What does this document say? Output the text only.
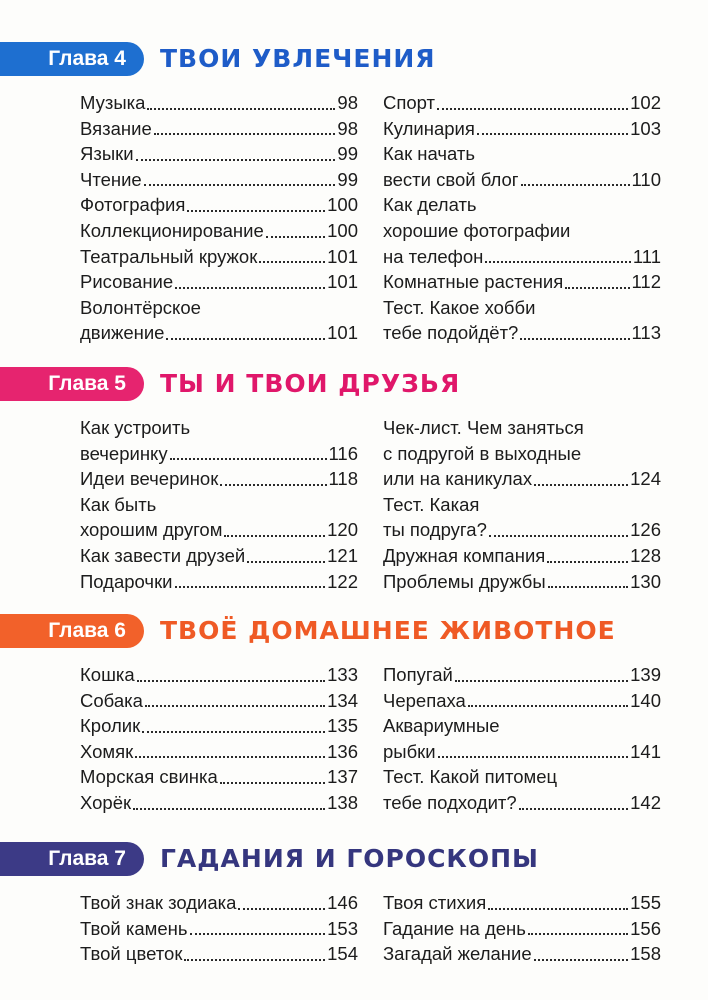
Глава 4	ТВОИ УВЛЕЧЕНИЯ
Музыка	98
Вязание	98
Языки	99
Чтение	99
Фотография	100
Коллекционирование	100
Театральный кружок	101
Рисование	101
Волонтёрское
движение	101
Спорт	102
Кулинария	103
Как начать
вести свой блог	110
Как делать
хорошие фотографии
на телефон	111
Комнатные растения	112
Тест. Какое хобби
тебе подойдёт?	113
Глава 5	ТЫ И ТВОИ ДРУЗЬЯ
Как устроить
вечеринку	116
Идеи вечеринок	118
Как быть
хорошим другом	120
Как завести друзей	121
Подарочки	122
Чек-лист. Чем заняться
с подругой в выходные
или на каникулах	124
Тест. Какая
ты подруга?	126
Дружная компания	128
Проблемы дружбы	130
Глава 6	ТВОЁ ДОМАШНЕЕ ЖИВОТНОЕ
Кошка	133
Собака	134
Кролик	135
Хомяк	136
Морская свинка	137
Хорёк	138
Попугай	139
Черепаха	140
Аквариумные
рыбки	141
Тест. Какой питомец
тебе подходит?	142
Глава 7	ГАДАНИЯ И ГОРОСКОПЫ
Твой знак зодиака	146
Твой камень	153
Твой цветок	154
Твоя стихия	155
Гадание на день	156
Загадай желание	158
